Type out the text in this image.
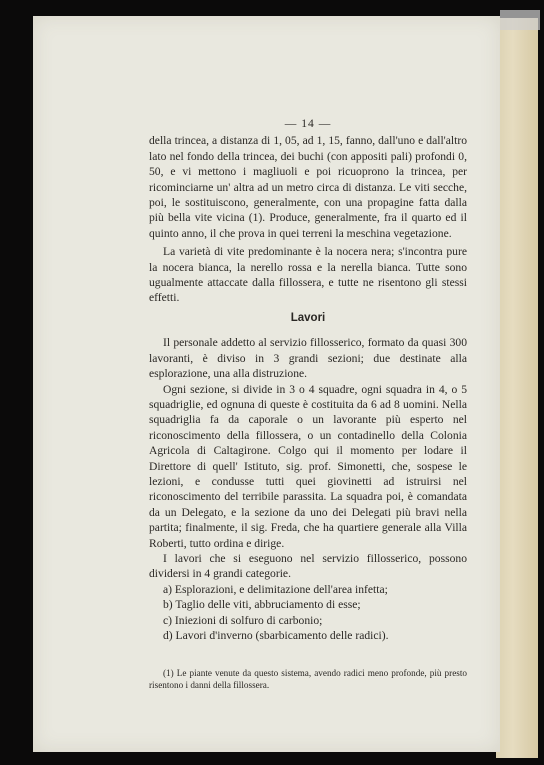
— 14 —

della trincea, a distanza di 1, 05, ad 1, 15, fanno, dall'uno e dall'altro lato nel fondo della trincea, dei buchi (con appositi pali) profondi 0, 50, e vi mettono i magliuoli e poi ricuoprono la trincea, per ricominciarne un' altra ad un metro circa di distanza. Le viti secche, poi, le sostituiscono, generalmente, con una propagine fatta dalla più bella vite vicina (1). Produce, generalmente, fra il quarto ed il quinto anno, il che prova in quei terreni la meschina vegetazione.

La varietà di vite predominante è la nocera nera; s'incontra pure la nocera bianca, la nerello rossa e la nerella bianca. Tutte sono ugualmente attaccate dalla fillossera, e tutte ne risentono gli stessi effetti.

Lavori

Il personale addetto al servizio fillosserico, formato da quasi 300 lavoranti, è diviso in 3 grandi sezioni; due destinate alla esplorazione, una alla distruzione.

Ogni sezione, si divide in 3 o 4 squadre, ogni squadra in 4, o 5 squadriglie, ed ognuna di queste è costituita da 6 ad 8 uomini. Nella squadriglia fa da caporale o un lavorante più esperto nel riconoscimento della fillossera, o un contadinello della Colonia Agricola di Caltagirone. Colgo qui il momento per lodare il Direttore di quell' Istituto, sig. prof. Simonetti, che, sospese le lezioni, e condusse tutti quei giovinetti ad istruirsi nel riconoscimento del terribile parassita. La squadra poi, è comandata da un Delegato, e la sezione da uno dei Delegati più bravi nella partita; finalmente, il sig. Freda, che ha quartiere generale alla Villa Roberti, tutto ordina e dirige.

I lavori che si eseguono nel servizio fillosserico, possono dividersi in 4 grandi categorie.

a) Esplorazioni, e delimitazione dell'area infetta;
b) Taglio delle viti, abbruciamento di esse;
c) Iniezioni di solfuro di carbonio;
d) Lavori d'inverno (sbarbicamento delle radici).

(1) Le piante venute da questo sistema, avendo radici meno profonde, più presto risentono i danni della fillossera.
